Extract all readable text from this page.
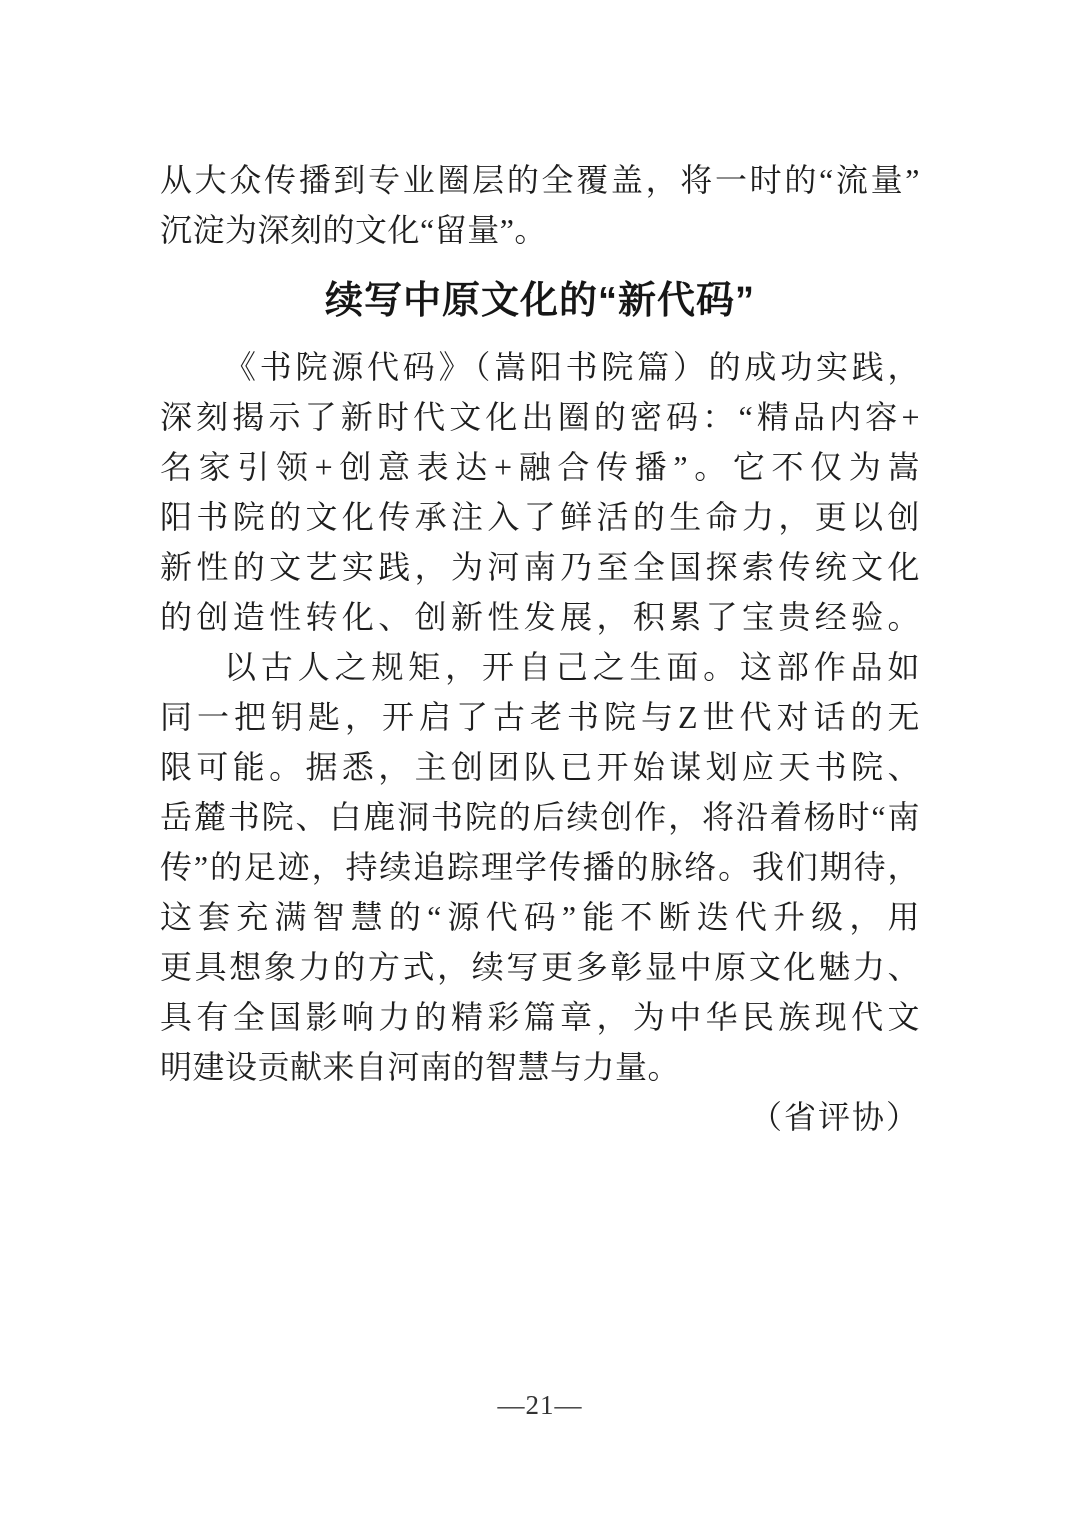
从大众传播到专业圈层的全覆盖，将一时的“流量”
沉淀为深刻的文化“留量”。
续写中原文化的“新代码”
《书院源代码》（嵩阳书院篇）的成功实践，
深刻揭示了新时代文化出圈的密码：“精品内容+
名家引领+创意表达+融合传播”。它不仅为嵩
阳书院的文化传承注入了鲜活的生命力，更以创
新性的文艺实践，为河南乃至全国探索传统文化
的创造性转化、创新性发展，积累了宝贵经验。
以古人之规矩，开自己之生面。这部作品如
同一把钥匙，开启了古老书院与Z世代对话的无
限可能。据悉，主创团队已开始谋划应天书院、
岳麓书院、白鹿洞书院的后续创作，将沿着杨时“南
传”的足迹，持续追踪理学传播的脉络。我们期待，
这套充满智慧的“源代码”能不断迭代升级，用
更具想象力的方式，续写更多彰显中原文化魅力、
具有全国影响力的精彩篇章，为中华民族现代文
明建设贡献来自河南的智慧与力量。
（省评协）
—21—
